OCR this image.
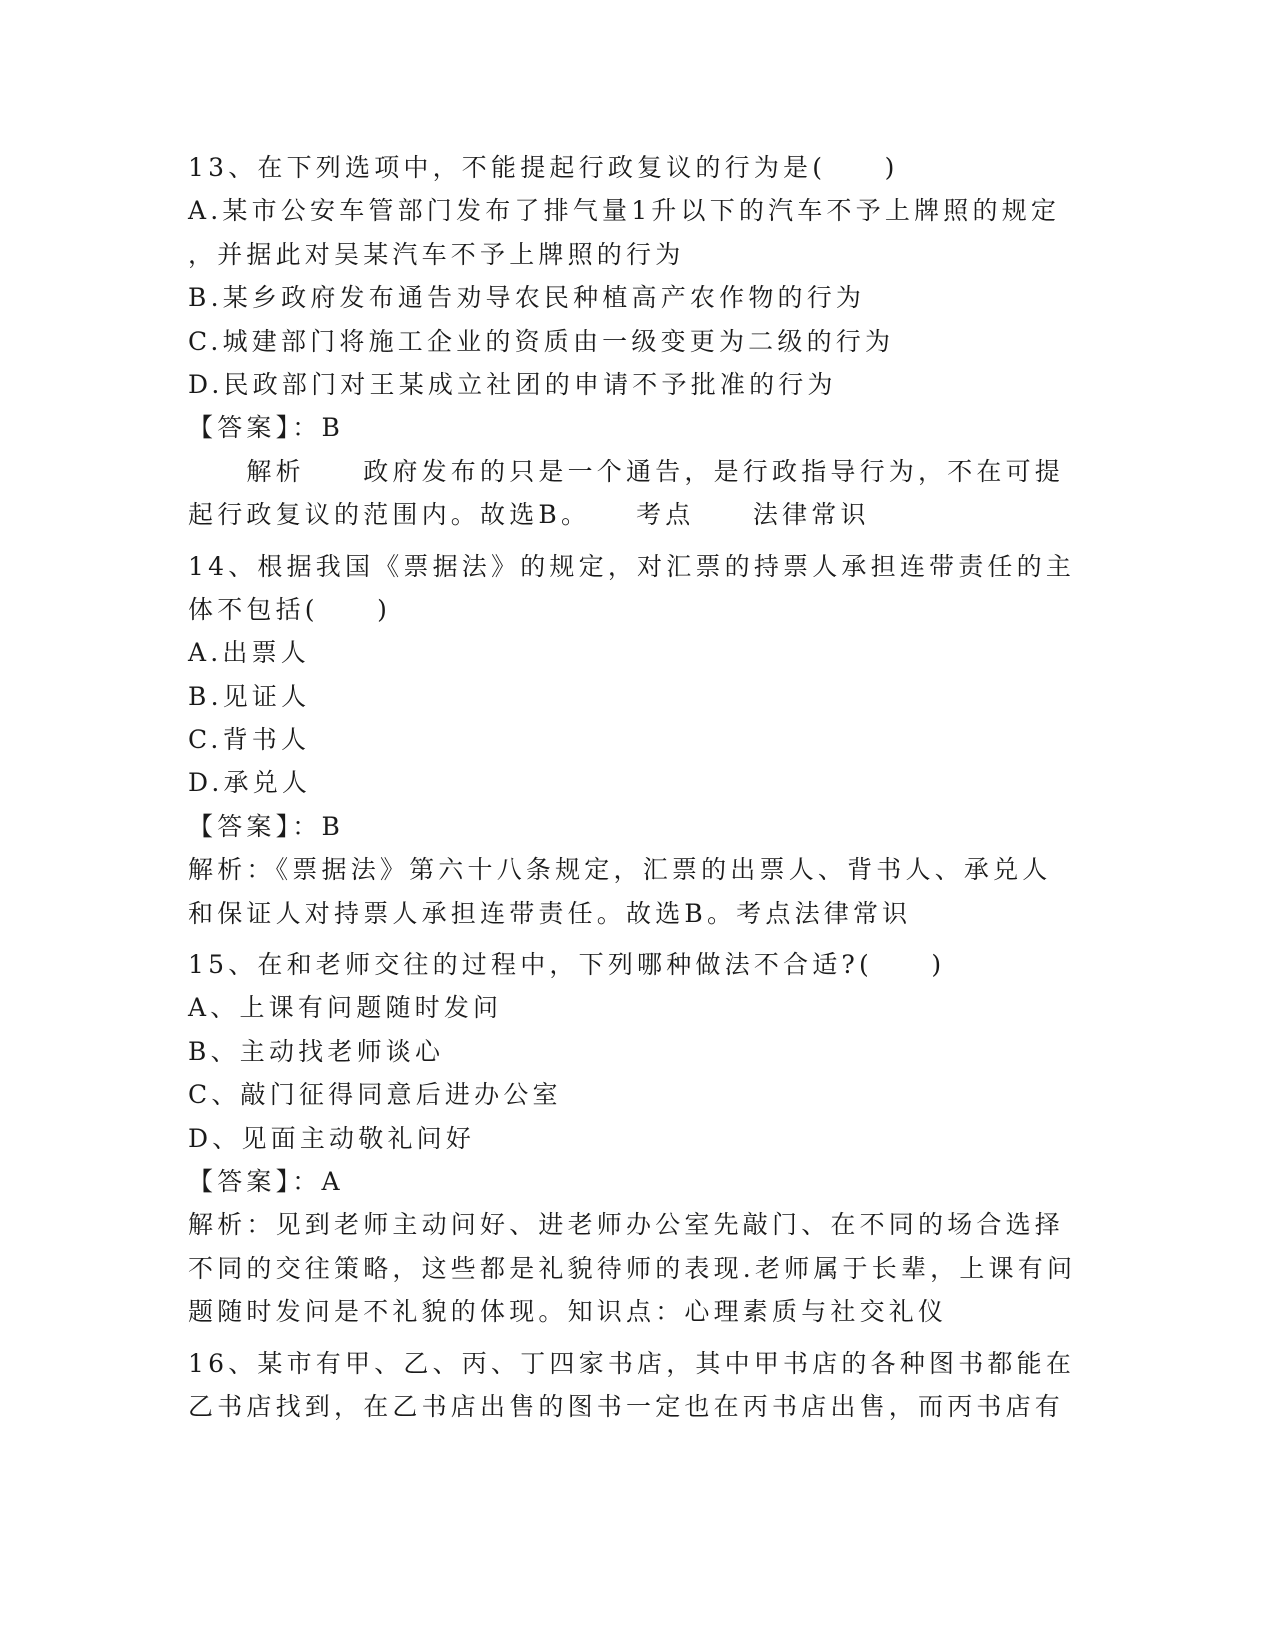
13、在下列选项中，不能提起行政复议的行为是(　　)
A.某市公安车管部门发布了排气量1升以下的汽车不予上牌照的规定
，并据此对吴某汽车不予上牌照的行为
B.某乡政府发布通告劝导农民种植高产农作物的行为
C.城建部门将施工企业的资质由一级变更为二级的行为
D.民政部门对王某成立社团的申请不予批准的行为
【答案】：B
　　解析　　政府发布的只是一个通告，是行政指导行为，不在可提
起行政复议的范围内。故选B。　　考点　　法律常识
14、根据我国《票据法》的规定，对汇票的持票人承担连带责任的主
体不包括(　　)
A.出票人
B.见证人
C.背书人
D.承兑人
【答案】：B
解析：《票据法》第六十八条规定，汇票的出票人、背书人、承兑人
和保证人对持票人承担连带责任。故选B。考点法律常识
15、在和老师交往的过程中，下列哪种做法不合适?(　　)
A、上课有问题随时发问
B、主动找老师谈心
C、敲门征得同意后进办公室
D、见面主动敬礼问好
【答案】：A
解析：见到老师主动问好、进老师办公室先敲门、在不同的场合选择
不同的交往策略，这些都是礼貌待师的表现.老师属于长辈，上课有问
题随时发问是不礼貌的体现。知识点：心理素质与社交礼仪
16、某市有甲、乙、丙、丁四家书店，其中甲书店的各种图书都能在
乙书店找到，在乙书店出售的图书一定也在丙书店出售，而丙书店有
